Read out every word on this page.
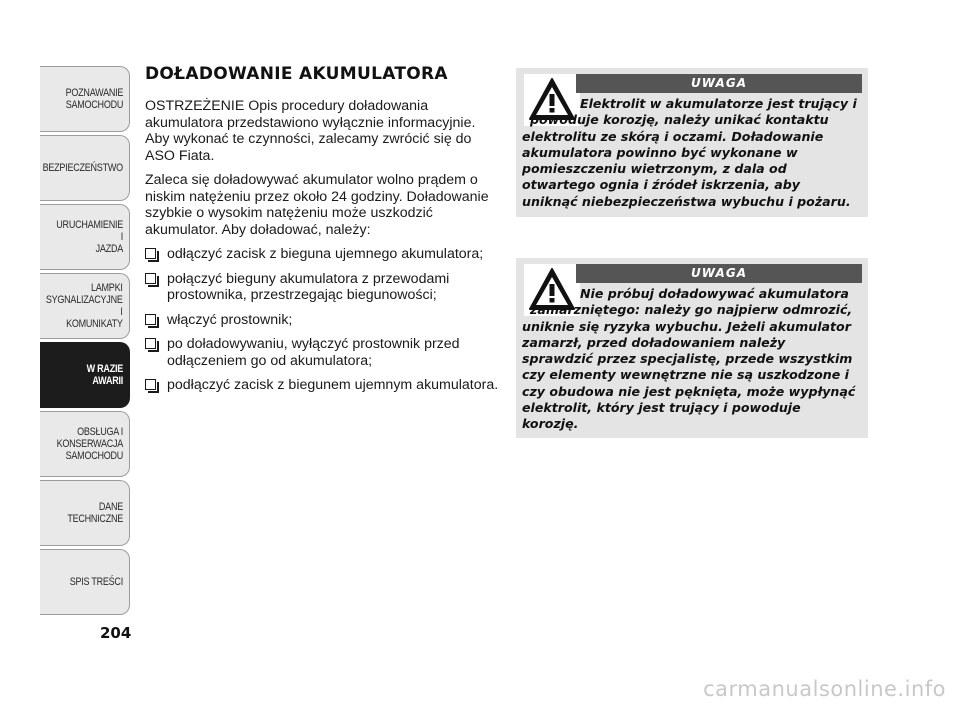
POZNAWANIE
SAMOCHODU
BEZPIECZEŃSTWO
URUCHAMIENIE I
JAZDA
LAMPKI
SYGNALIZACYJNE I
KOMUNIKATY
W RAZIE AWARII
OBSŁUGA I
KONSERWACJA
SAMOCHODU
DANE TECHNICZNE
SPIS TREŚCI
204
DOŁADOWANIE AKUMULATORA

OSTRZEŻENIE Opis procedury doładowania akumulatora przedstawiono wyłącznie informacyjnie. Aby wykonać te czynności, zalecamy zwrócić się do ASO Fiata.

Zaleca się doładowywać akumulator wolno prądem o niskim natężeniu przez około 24 godziny. Doładowanie szybkie o wysokim natężeniu może uszkodzić akumulator. Aby doładować, należy:

odłączyć zacisk z bieguna ujemnego akumulatora;
połączyć bieguny akumulatora z przewodami prostownika, przestrzegając biegunowości;
włączyć prostownik;
po doładowywaniu, wyłączyć prostownik przed odłączeniem go od akumulatora;
podłączyć zacisk z biegunem ujemnym akumulatora.
UWAGA

Elektrolit w akumulatorze jest trujący i powoduje korozję, należy unikać kontaktu elektrolitu ze skórą i oczami. Doładowanie akumulatora powinno być wykonane w pomieszczeniu wietrzonym, z dala od otwartego ognia i źródeł iskrzenia, aby uniknąć niebezpieczeństwa wybuchu i pożaru.

UWAGA

Nie próbuj doładowywać akumulatora zamarzniętego: należy go najpierw odmrozić, uniknie się ryzyka wybuchu. Jeżeli akumulator zamarzł, przed doładowaniem należy sprawdzić przez specjalistę, przede wszystkim czy elementy wewnętrzne nie są uszkodzone i czy obudowa nie jest pęknięta, może wypłynąć elektrolit, który jest trujący i powoduje korozję.

carmanualsonline.info
